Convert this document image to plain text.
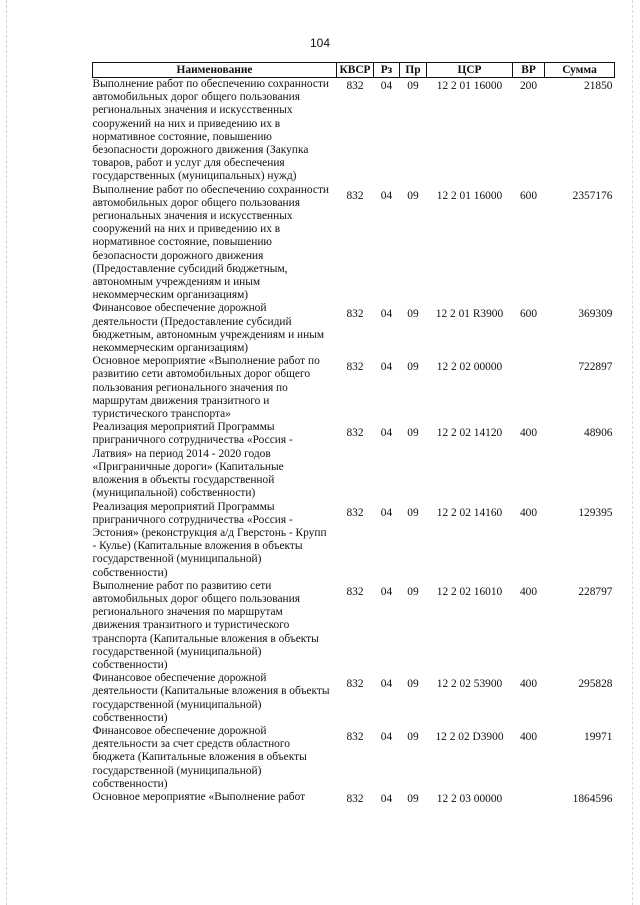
104
Наименование	КВСР	Рз	Пр	ЦСР	ВР	Сумма
Выполнение работ по обеспечению сохранности автомобильных дорог общего пользования региональных значения и искусственных сооружений на них и приведению их в нормативное состояние, повышению безопасности дорожного движения (Закупка товаров, работ и услуг для обеспечения государственных (муниципальных) нужд)	832	04	09	12 2 01 16000	200	21850
Выполнение работ по обеспечению сохранности автомобильных дорог общего пользования региональных значения и искусственных сооружений на них и приведению их в нормативное состояние, повышению безопасности дорожного движения (Предоставление субсидий бюджетным, автономным учреждениям и иным некоммерческим организациям)	832	04	09	12 2 01 16000	600	2357176
Финансовое обеспечение дорожной деятельности (Предоставление субсидий бюджетным, автономным учреждениям и иным некоммерческим организациям)	832	04	09	12 2 01 R3900	600	369309
Основное мероприятие «Выполнение работ по развитию сети автомобильных дорог общего пользования регионального значения по маршрутам движения транзитного и туристического транспорта»	832	04	09	12 2 02 00000		722897
Реализация мероприятий Программы приграничного сотрудничества «Россия - Латвия» на период 2014 - 2020 годов «Приграничные дороги» (Капитальные вложения в объекты государственной (муниципальной) собственности)	832	04	09	12 2 02 14120	400	48906
Реализация мероприятий Программы приграничного сотрудничества «Россия - Эстония» (реконструкция а/д Гверстонь - Крупп - Кулье) (Капитальные вложения в объекты государственной (муниципальной) собственности)	832	04	09	12 2 02 14160	400	129395
Выполнение работ по развитию сети автомобильных дорог общего пользования регионального значения по маршрутам движения транзитного и туристического транспорта (Капитальные вложения в объекты государственной (муниципальной) собственности)	832	04	09	12 2 02 16010	400	228797
Финансовое обеспечение дорожной деятельности (Капитальные вложения в объекты государственной (муниципальной) собственности)	832	04	09	12 2 02 53900	400	295828
Финансовое обеспечение дорожной деятельности за счет средств областного бюджета (Капитальные вложения в объекты государственной (муниципальной) собственности)	832	04	09	12 2 02 D3900	400	19971
Основное мероприятие «Выполнение работ	832	04	09	12 2 03 00000		1864596
